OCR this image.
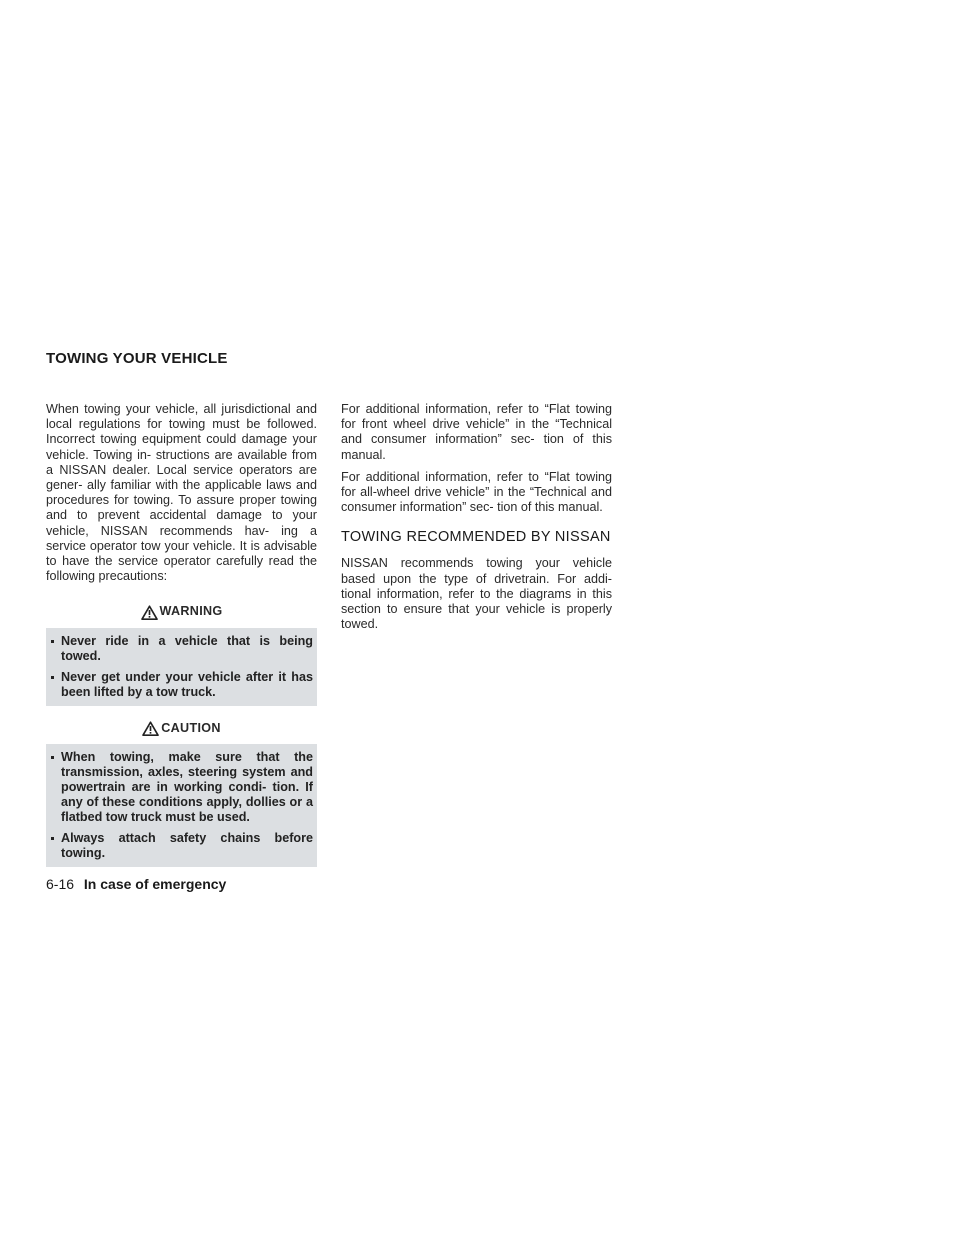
TOWING YOUR VEHICLE

When towing your vehicle, all jurisdictional and local regulations for towing must be followed. Incorrect towing equipment could damage your vehicle. Towing in- structions are available from a NISSAN dealer. Local service operators are gener- ally familiar with the applicable laws and procedures for towing. To assure proper towing and to prevent accidental damage to your vehicle, NISSAN recommends hav- ing a service operator tow your vehicle. It is advisable to have the service operator carefully read the following precautions:

WARNING
Never ride in a vehicle that is being towed.
Never get under your vehicle after it has been lifted by a tow truck.
CAUTION
When towing, make sure that the transmission, axles, steering system and powertrain are in working condi- tion. If any of these conditions apply, dollies or a flatbed tow truck must be used.
Always attach safety chains before towing.

For additional information, refer to “Flat towing for front wheel drive vehicle” in the “Technical and consumer information” sec- tion of this manual.

For additional information, refer to “Flat towing for all-wheel drive vehicle” in the “Technical and consumer information” sec- tion of this manual.

TOWING RECOMMENDED BY NISSAN

NISSAN recommends towing your vehicle based upon the type of drivetrain. For addi- tional information, refer to the diagrams in this section to ensure that your vehicle is properly towed.

6-16 In case of emergency
